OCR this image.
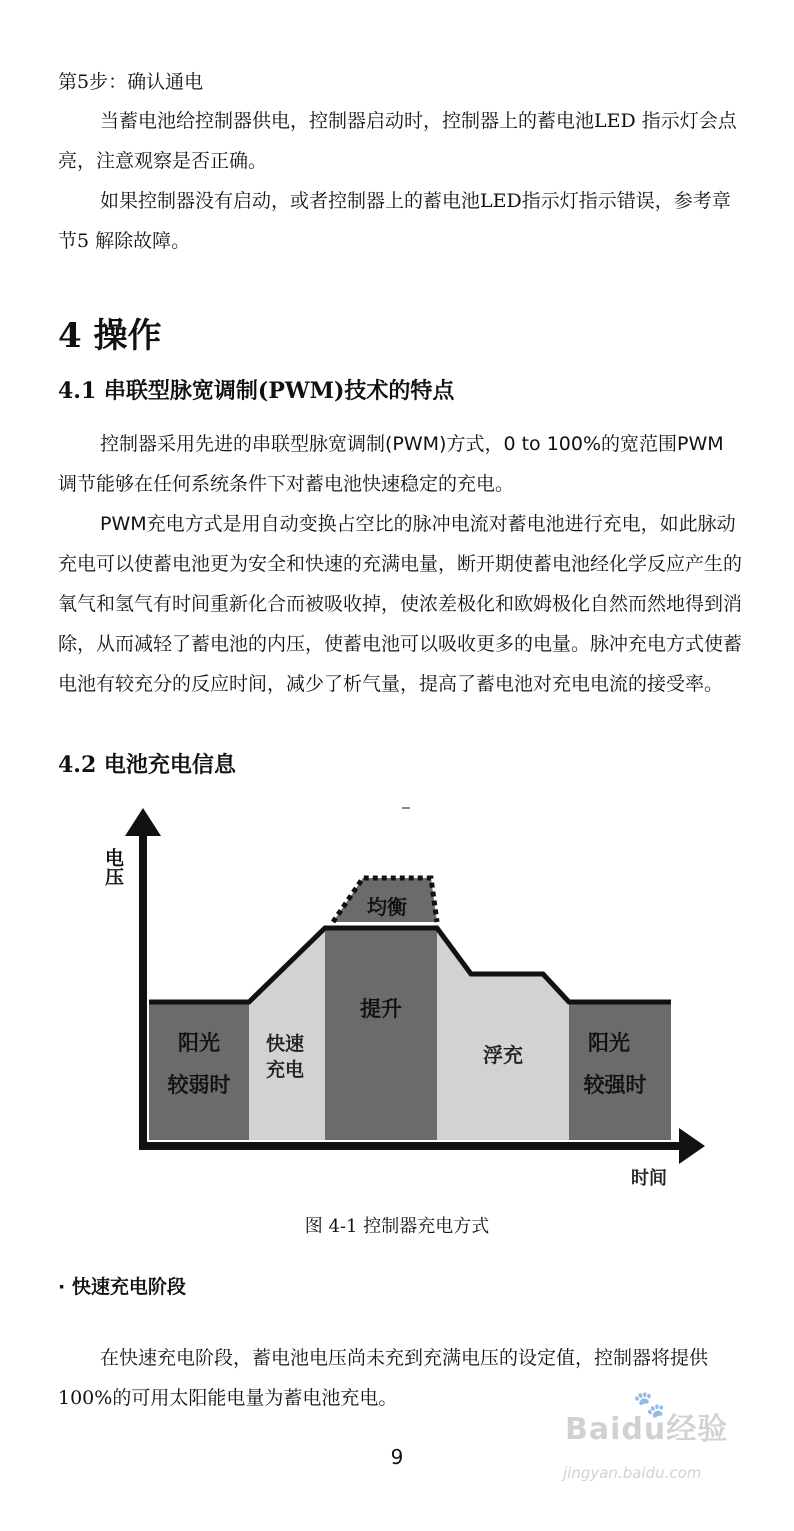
第5步：确认通电

当蓄电池给控制器供电，控制器启动时，控制器上的蓄电池LED 指示灯会点亮，注意观察是否正确。

如果控制器没有启动，或者控制器上的蓄电池LED指示灯指示错误，参考章节5 解除故障。

4 操作
4.1 串联型脉宽调制(PWM)技术的特点

控制器采用先进的串联型脉宽调制(PWM)方式，0 to 100%的宽范围PWM 调节能够在任何系统条件下对蓄电池快速稳定的充电。

PWM充电方式是用自动变换占空比的脉冲电流对蓄电池进行充电，如此脉动充电可以使蓄电池更为安全和快速的充满电量，断开期使蓄电池经化学反应产生的氧气和氢气有时间重新化合而被吸收掉，使浓差极化和欧姆极化自然而然地得到消除，从而减轻了蓄电池的内压，使蓄电池可以吸收更多的电量。脉冲充电方式使蓄电池有较充分的反应时间，减少了析气量，提高了蓄电池对充电电流的接受率。

4.2 电池充电信息
电压
时间
阳光
较弱时
快速
充电
提升
均衡
浮充	阳光
较强时
图 4-1 控制器充电方式
· 快速充电阶段

在快速充电阶段，蓄电池电压尚未充到充满电压的设定值，控制器将提供 100%的可用太阳能电量为蓄电池充电。

9
🐾
Baidu经验
jingyan.baidu.com
